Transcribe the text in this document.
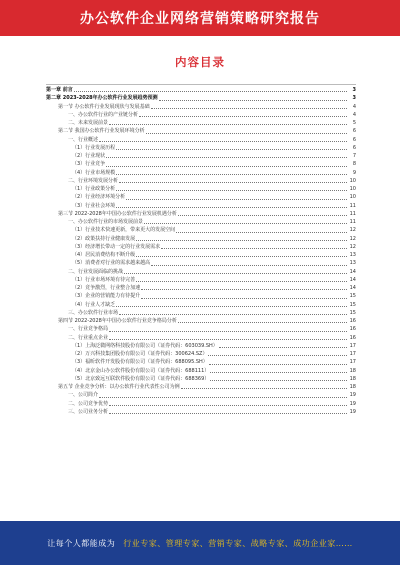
办公软件企业网络营销策略研究报告
内容目录
第一章 前言	3
第二章 2023-2028年办公软件行业发展趋势预测	3
第一节 办公软件行业发展现状与发展基础	4
一、办公软件行业的产业链分析	4
二、未来发展前景	5
第二节 我国办公软件行业发展环境分析	6
一、行业概述	6
（1）行业发展历程	6
（2）行业现状	7
（3）行业竞争	8
（4）行业市场规模	9
二、行业环境发展分析	10
（1）行业政策分析	10
（2）行业经济环境分析	10
（3）行业社会环境	11
第三节 2022-2028年中国办公软件行业发展机遇分析	11
一、办公软件行业的市场发展前景	11
（1）行业技术快速更新，带来更大的发展空间	12
（2）政策扶持行业健康发展	12
（3）经济增长带动一定的行业发展需求	12
（4）居民消费结构不断升级	13
（5）消费者对行业的需求越来越高	13
二、行业发展面临的挑战	14
（1）行业市场环境有待完善	14
（2）竞争激烈，行业整合加速	14
（3）企业的营销能力有待提升	15
（4）行业人才缺乏	15
三、办公软件行业市场	15
第四节 2022-2028年中国办公软件行业竞争格局分析	16
一、行业竞争格局	16
二、行业重点企业	16
（1）上海泛微网络科技股份有限公司（证券代码：603039.SH）	17
（2）万兴科技集团股份有限公司（证券代码：300624.SZ）	17
（3）福昕软件开发股份有限公司（证券代码：688095.SH）	17
（4）北京金山办公软件股份有限公司（证券代码：688111）	18
（5）北京致远互联软件股份有限公司（证券代码：688369）	18
第五节 企业竞争分析：以办公软件行业代表性公司为例	18
一、公司简介	19
二、公司竞争优势	19
三、公司业务分析	19
让每个人都能成为 行业专家、管理专家、营销专家、战略专家、成功企业家……
